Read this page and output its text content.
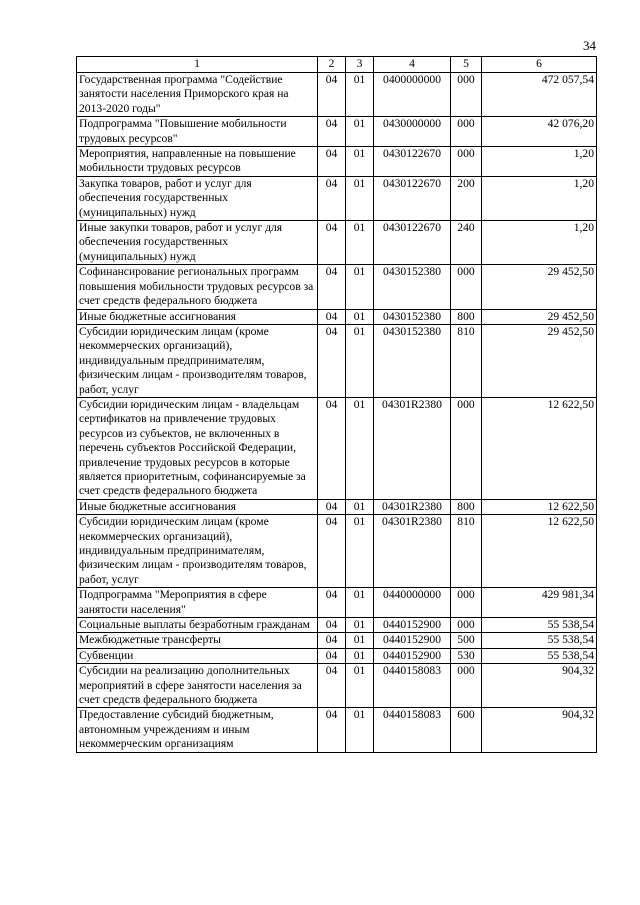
34
1	2	3	4	5	6
Государственная программа "Содействие занятости населения Приморского края на 2013-2020 годы"	04	01	0400000000	000	472 057,54
Подпрограмма "Повышение мобильности трудовых ресурсов"	04	01	0430000000	000	42 076,20
Мероприятия, направленные на повышение мобильности трудовых ресурсов	04	01	0430122670	000	1,20
Закупка товаров, работ и услуг для обеспечения государственных (муниципальных) нужд	04	01	0430122670	200	1,20
Иные закупки товаров, работ и услуг для обеспечения государственных (муниципальных) нужд	04	01	0430122670	240	1,20
Софинансирование региональных программ повышения мобильности трудовых ресурсов за счет средств федерального бюджета	04	01	0430152380	000	29 452,50
Иные бюджетные ассигнования	04	01	0430152380	800	29 452,50
Субсидии юридическим лицам (кроме некоммерческих организаций), индивидуальным предпринимателям, физическим лицам - производителям товаров, работ, услуг	04	01	0430152380	810	29 452,50
Субсидии юридическим лицам - владельцам сертификатов на привлечение трудовых ресурсов из субъектов, не включенных в перечень субъектов Российской Федерации, привлечение трудовых ресурсов в которые является приоритетным, софинансируемые за счет средств федерального бюджета	04	01	04301R2380	000	12 622,50
Иные бюджетные ассигнования	04	01	04301R2380	800	12 622,50
Субсидии юридическим лицам (кроме некоммерческих организаций), индивидуальным предпринимателям, физическим лицам - производителям товаров, работ, услуг	04	01	04301R2380	810	12 622,50
Подпрограмма "Мероприятия в сфере занятости населения"	04	01	0440000000	000	429 981,34
Социальные выплаты безработным гражданам	04	01	0440152900	000	55 538,54
Межбюджетные трансферты	04	01	0440152900	500	55 538,54
Субвенции	04	01	0440152900	530	55 538,54
Субсидии на реализацию дополнительных мероприятий в сфере занятости населения за счет средств федерального бюджета	04	01	0440158083	000	904,32
Предоставление субсидий бюджетным, автономным учреждениям и иным некоммерческим организациям	04	01	0440158083	600	904,32
